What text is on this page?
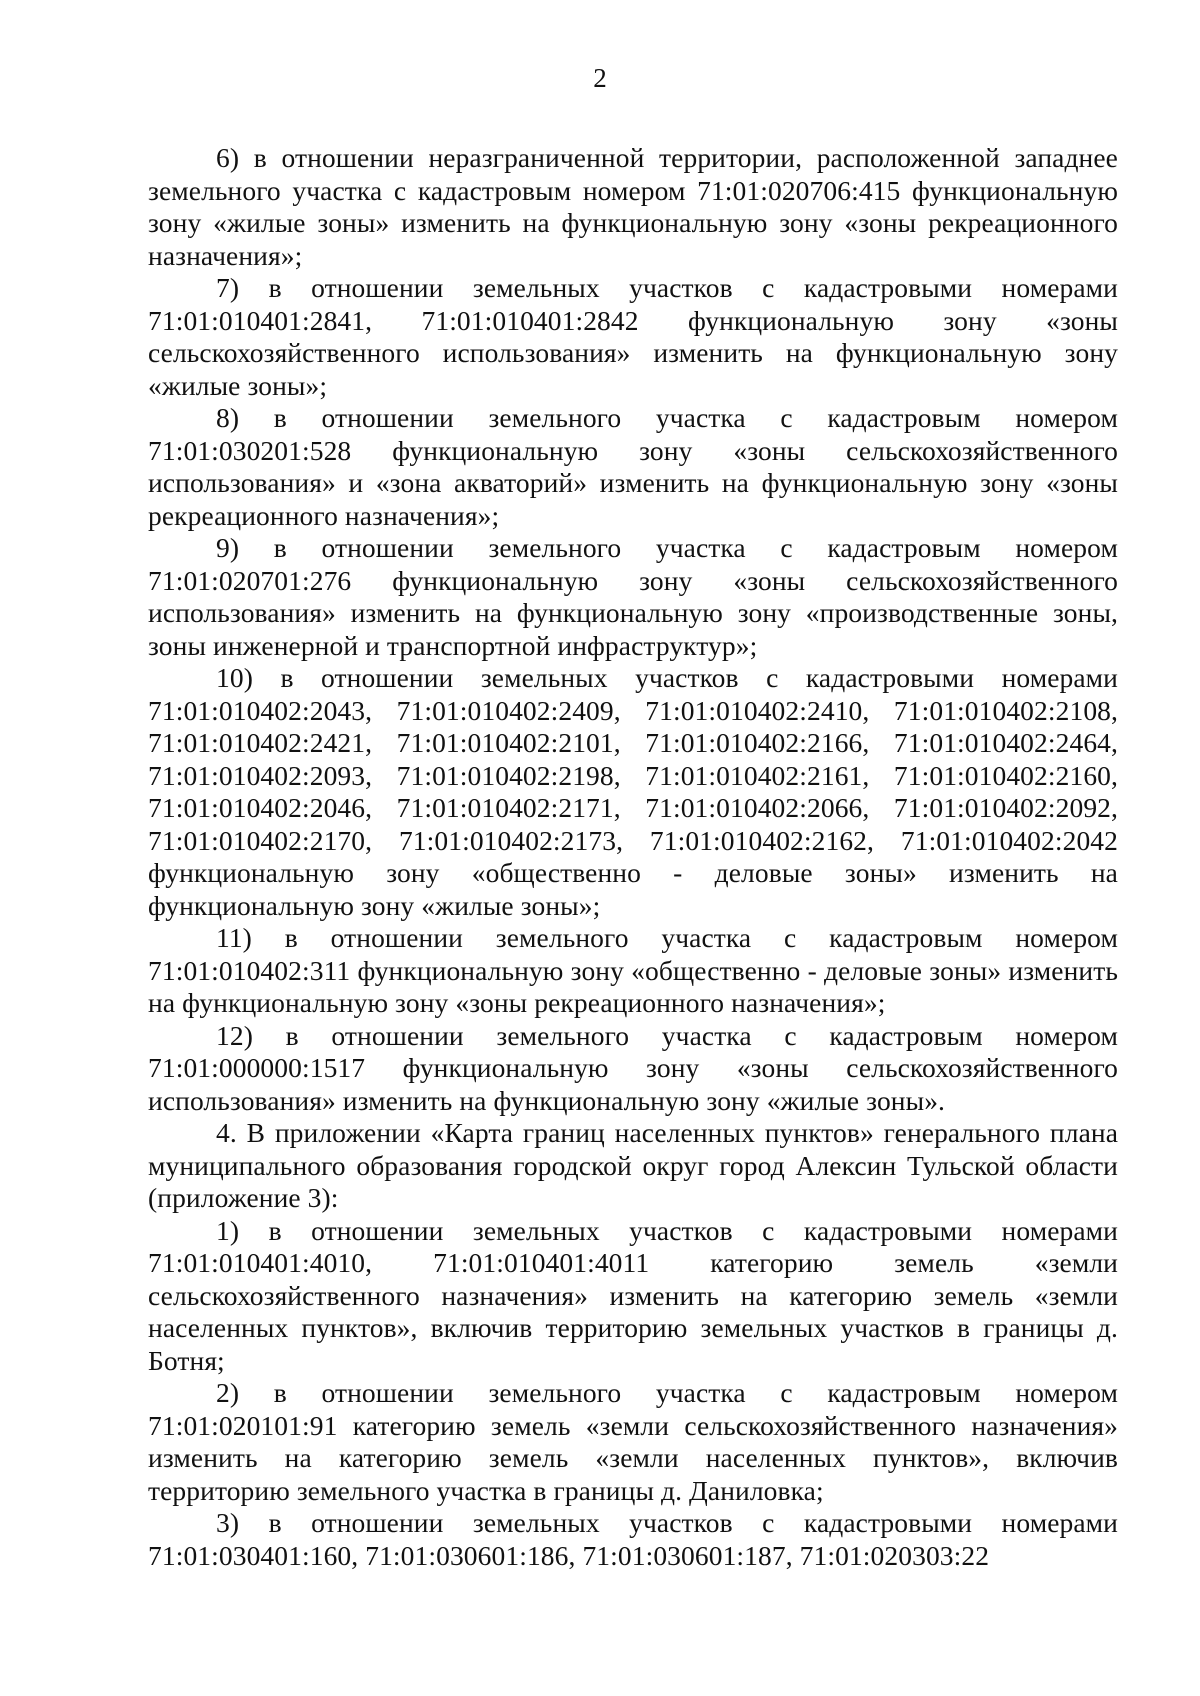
2

6) в отношении неразграниченной территории, расположенной западнее земельного участка с кадастровым номером 71:01:020706:415 функциональную зону «жилые зоны» изменить на функциональную зону «зоны рекреационного назначения»;

7) в отношении земельных участков с кадастровыми номерами 71:01:010401:2841, 71:01:010401:2842 функциональную зону «зоны сельскохозяйственного использования» изменить на функциональную зону «жилые зоны»;

8) в отношении земельного участка с кадастровым номером 71:01:030201:528 функциональную зону «зоны сельскохозяйственного использования» и «зона акваторий» изменить на функциональную зону «зоны рекреационного назначения»;

9) в отношении земельного участка с кадастровым номером 71:01:020701:276 функциональную зону «зоны сельскохозяйственного использования» изменить на функциональную зону «производственные зоны, зоны инженерной и транспортной инфраструктур»;

10) в отношении земельных участков с кадастровыми номерами 71:01:010402:2043, 71:01:010402:2409, 71:01:010402:2410, 71:01:010402:2108, 71:01:010402:2421, 71:01:010402:2101, 71:01:010402:2166, 71:01:010402:2464, 71:01:010402:2093, 71:01:010402:2198, 71:01:010402:2161, 71:01:010402:2160, 71:01:010402:2046, 71:01:010402:2171, 71:01:010402:2066, 71:01:010402:2092, 71:01:010402:2170, 71:01:010402:2173, 71:01:010402:2162, 71:01:010402:2042 функциональную зону «общественно - деловые зоны» изменить на функциональную зону «жилые зоны»;

11) в отношении земельного участка с кадастровым номером 71:01:010402:311 функциональную зону «общественно - деловые зоны» изменить на функциональную зону «зоны рекреационного назначения»;

12) в отношении земельного участка с кадастровым номером 71:01:000000:1517 функциональную зону «зоны сельскохозяйственного использования» изменить на функциональную зону «жилые зоны».

4. В приложении «Карта границ населенных пунктов» генерального плана муниципального образования городской округ город Алексин Тульской области (приложение 3):

1) в отношении земельных участков с кадастровыми номерами 71:01:010401:4010, 71:01:010401:4011 категорию земель «земли сельскохозяйственного назначения» изменить на категорию земель «земли населенных пунктов», включив территорию земельных участков в границы д. Ботня;

2) в отношении земельного участка с кадастровым номером 71:01:020101:91 категорию земель «земли сельскохозяйственного назначения» изменить на категорию земель «земли населенных пунктов», включив территорию земельного участка в границы д. Даниловка;

3) в отношении земельных участков с кадастровыми номерами 71:01:030401:160, 71:01:030601:186, 71:01:030601:187, 71:01:020303:22
